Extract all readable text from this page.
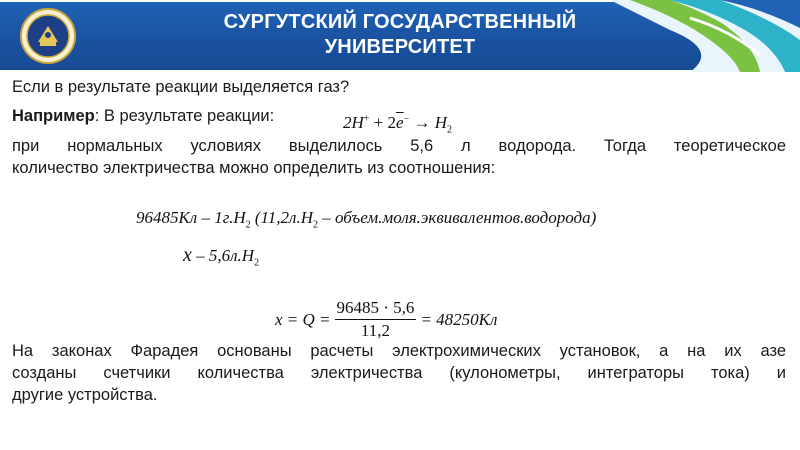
СУРГУТСКИЙ ГОСУДАРСТВЕННЫЙ
УНИВЕРСИТЕТ
Если в результате реакции выделяется газ?
Например: В результате реакции:
при нормальных условиях выделилось 5,6 л водорода. Тогда теоретическое
количество электричества можно определить из соотношения:
На законах Фарадея основаны расчеты электрохимических установок, а на их азе
созданы счетчики количества электричества (кулонометры, интеграторы тока) и
другие устройства.
$2H^+ + 2\overline{e}^- \to H_2$
$96485Кл - 1г.H_2$ ($11,2л.H_2$ – объем.моля.эквивалентов.водорода)
x – $5,6л.H_2$
$x = Q = \frac{96485 \cdot 5,6}{11,2} = 48250Кл$
